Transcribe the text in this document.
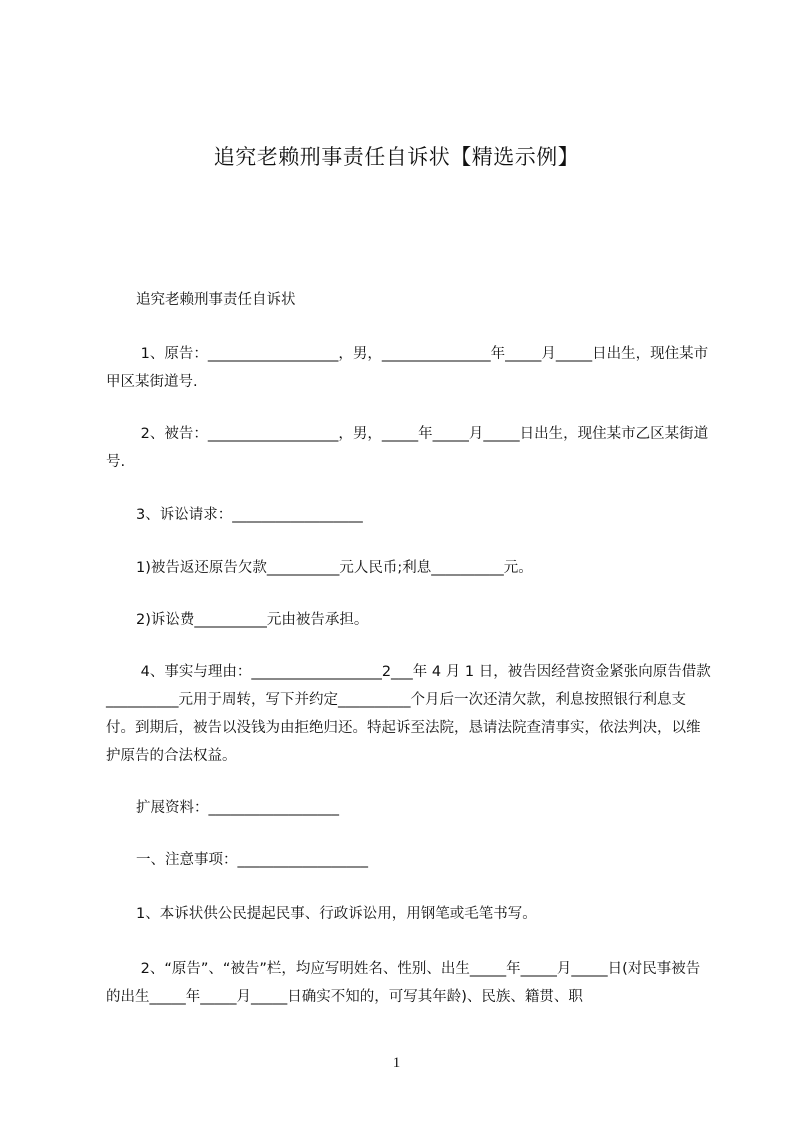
追究老赖刑事责任自诉状【精选示例】
追究老赖刑事责任自诉状
1、原告：__________________，男，_______________年_____月_____日出生，现住某市甲区某街道号.
2、被告：__________________，男，_____年_____月_____日出生，现住某市乙区某街道号.
3、诉讼请求：__________________
1)被告返还原告欠款__________元人民币;利息__________元。
2)诉讼费__________元由被告承担。
4、事实与理由：__________________2___年 4 月 1 日，被告因经营资金紧张向原告借款__________元用于周转，写下并约定__________个月后一次还清欠款，利息按照银行利息支付。到期后，被告以没钱为由拒绝归还。特起诉至法院，恳请法院查清事实，依法判决，以维护原告的合法权益。
扩展资料：__________________
一、注意事项：__________________
1、本诉状供公民提起民事、行政诉讼用，用钢笔或毛笔书写。
2、“原告”、“被告”栏，均应写明姓名、性别、出生_____年_____月_____日(对民事被告的出生_____年_____月_____日确实不知的，可写其年龄)、民族、籍贯、职
1
